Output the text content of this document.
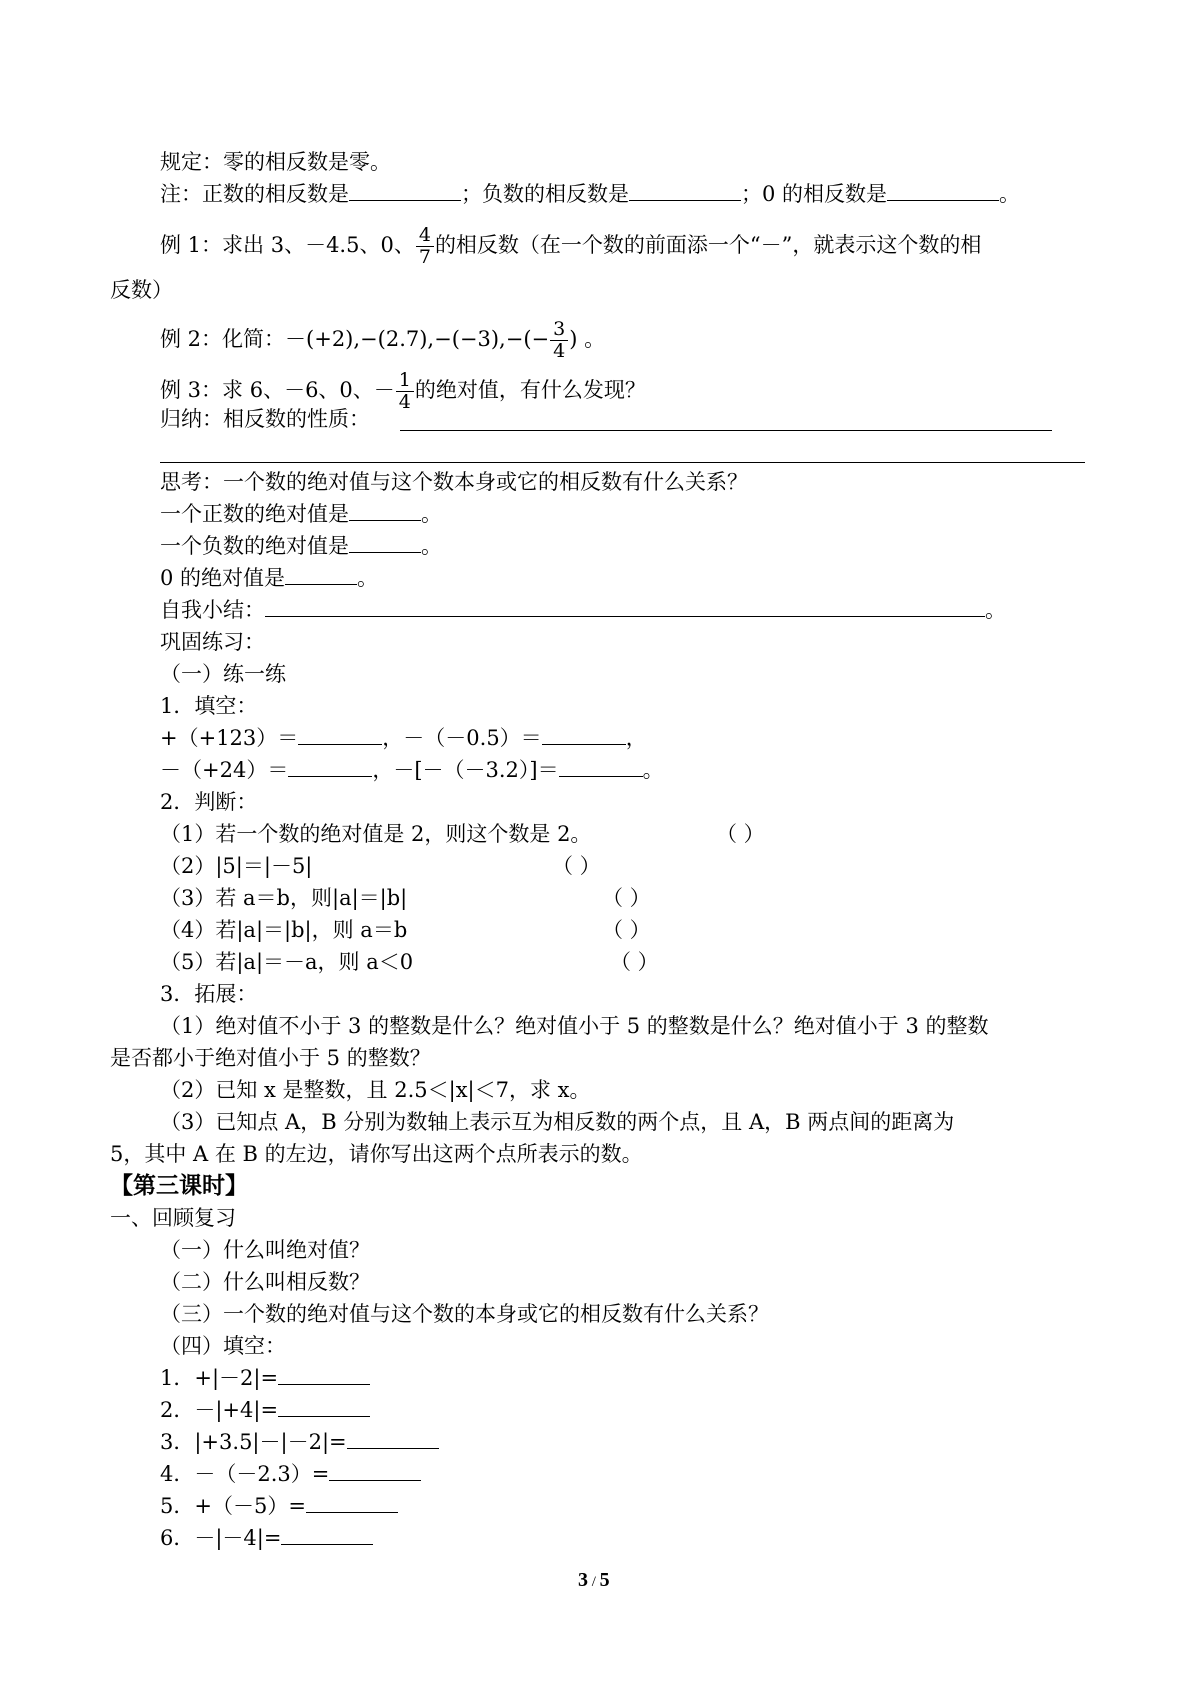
规定：零的相反数是零。
注：正数的相反数是	；负数的相反数是	；0 的相反数是	。
例 1：求出 3、－4.5、0、 $\frac{4}{7}$ 的相反数（在一个数的前面添一个“－”，就表示这个数的相
反数）
例 2：化简：$-(+2),-(2.7),-(-3),-(- \frac{3}{4}$ ) 。
例 3：求 6、－6、0、－ $\frac{1}{4}$ 的绝对值，有什么发现？
归纳：相反数的性质：
思考：一个数的绝对值与这个数本身或它的相反数有什么关系？
一个正数的绝对值是	。
一个负数的绝对值是	。
0 的绝对值是	。
自我小结：	。
巩固练习：
（一）练一练
1．填空：
+（+123）＝	，－（－0.5）＝	，
－（+24）＝	，－[－（－3.2）]＝	。
2．判断：
（1）若一个数的绝对值是 2，则这个数是 2。	（ ）
（2）|5|＝|－5|	（ ）
（3）若 a＝b，则|a|＝|b|	（ ）
（4）若|a|＝|b|，则 a＝b	（ ）
（5）若|a|＝－a，则 a＜0	（ ）
3．拓展：
（1）绝对值不小于 3 的整数是什么？绝对值小于 5 的整数是什么？绝对值小于 3 的整数
是否都小于绝对值小于 5 的整数？
（2）已知 x 是整数，且 2.5＜|x|＜7，求 x。
（3）已知点 A，B 分别为数轴上表示互为相反数的两个点，且 A，B 两点间的距离为
5，其中 A 在 B 的左边，请你写出这两个点所表示的数。
【第三课时】
一、回顾复习
（一）什么叫绝对值？
（二）什么叫相反数？
（三）一个数的绝对值与这个数的本身或它的相反数有什么关系？
（四）填空：
1．+|－2|=
2．－|+4|=
3．|+3.5|－|－2|=
4．－（－2.3）=
5．+（－5）=
6．－|－4|=
3 / 5
